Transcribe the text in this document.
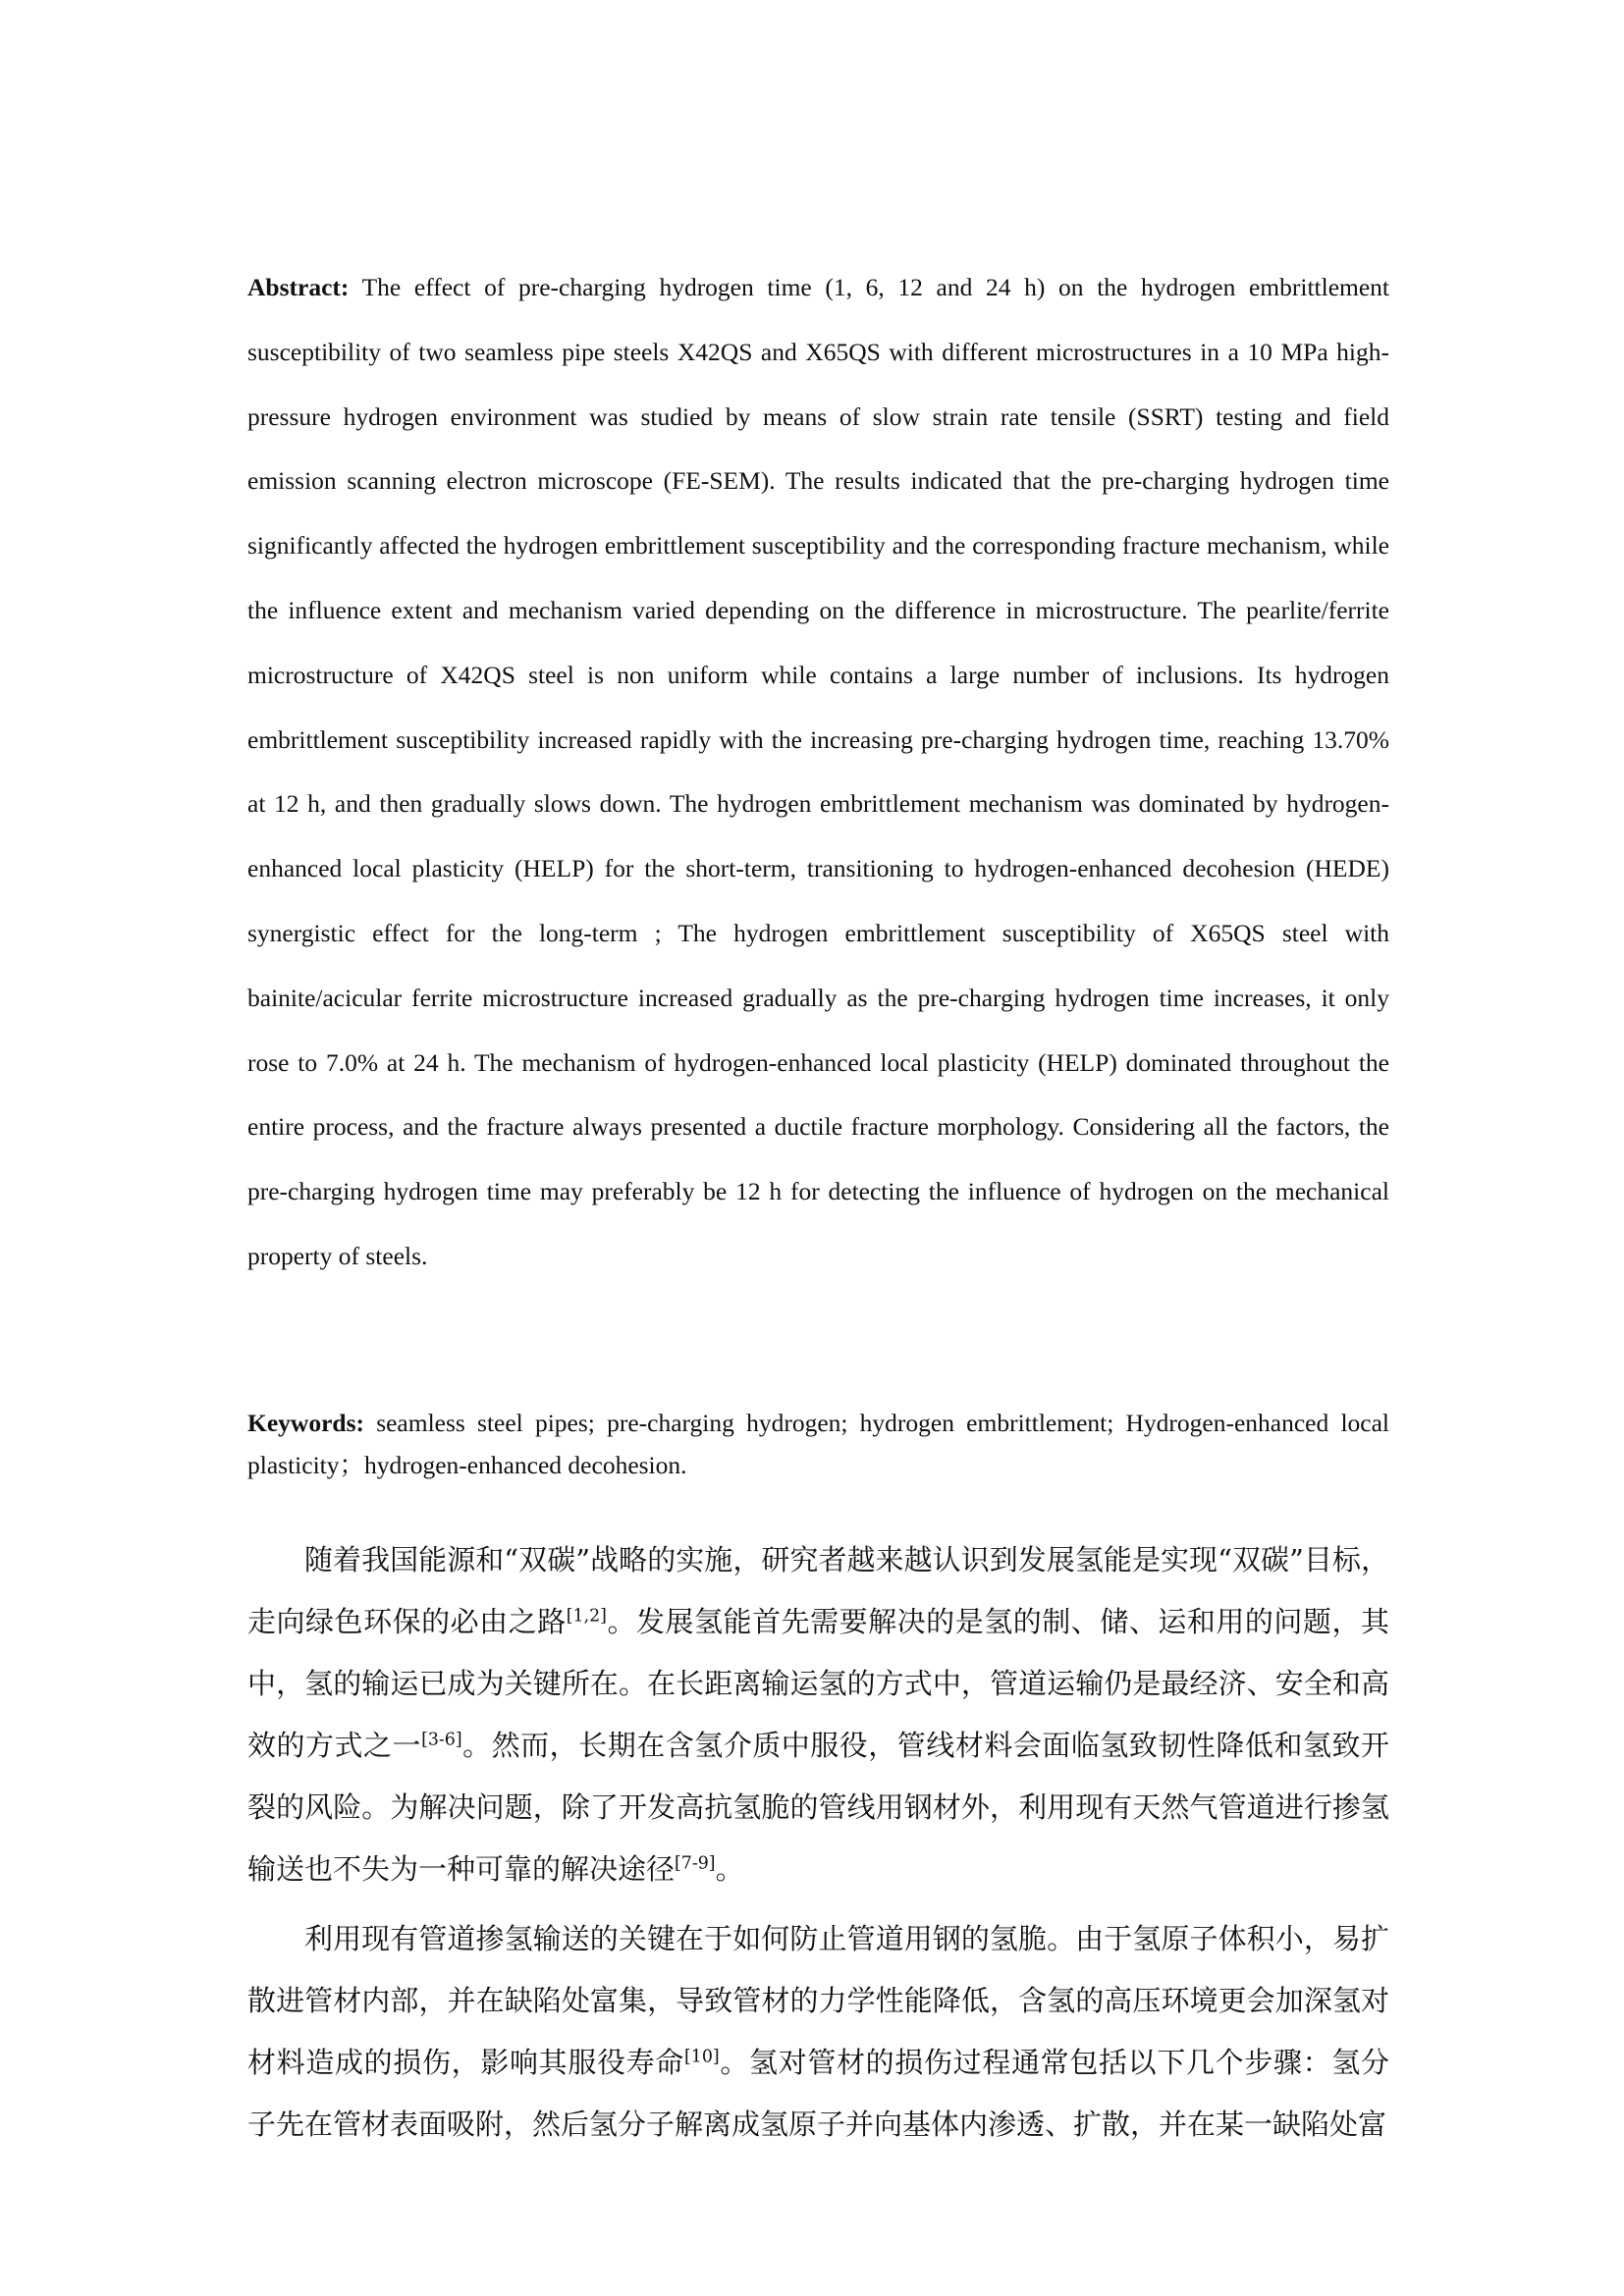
Abstract: The effect of pre-charging hydrogen time (1, 6, 12 and 24 h) on the hydrogen embrittlement susceptibility of two seamless pipe steels X42QS and X65QS with different microstructures in a 10 MPa high-pressure hydrogen environment was studied by means of slow strain rate tensile (SSRT) testing and field emission scanning electron microscope (FE-SEM). The results indicated that the pre-charging hydrogen time significantly affected the hydrogen embrittlement susceptibility and the corresponding fracture mechanism, while the influence extent and mechanism varied depending on the difference in microstructure. The pearlite/ferrite microstructure of X42QS steel is non uniform while contains a large number of inclusions. Its hydrogen embrittlement susceptibility increased rapidly with the increasing pre-charging hydrogen time, reaching 13.70% at 12 h, and then gradually slows down. The hydrogen embrittlement mechanism was dominated by hydrogen-enhanced local plasticity (HELP) for the short-term, transitioning to hydrogen-enhanced decohesion (HEDE) synergistic effect for the long-term ; The hydrogen embrittlement susceptibility of X65QS steel with bainite/acicular ferrite microstructure increased gradually as the pre-charging hydrogen time increases, it only rose to 7.0% at 24 h. The mechanism of hydrogen-enhanced local plasticity (HELP) dominated throughout the entire process, and the fracture always presented a ductile fracture morphology. Considering all the factors, the pre-charging hydrogen time may preferably be 12 h for detecting the influence of hydrogen on the mechanical property of steels.
Keywords: seamless steel pipes; pre-charging hydrogen; hydrogen embrittlement; Hydrogen-enhanced local plasticity；hydrogen-enhanced decohesion.

随着我国能源和“双碳”战略的实施，研究者越来越认识到发展氢能是实现“双碳”目标，走向绿色环保的必由之路[1,2]。发展氢能首先需要解决的是氢的制、储、运和用的问题，其中，氢的输运已成为关键所在。在长距离输运氢的方式中，管道运输仍是最经济、安全和高效的方式之一[3-6]。然而，长期在含氢介质中服役，管线材料会面临氢致韧性降低和氢致开裂的风险。为解决问题，除了开发高抗氢脆的管线用钢材外，利用现有天然气管道进行掺氢输送也不失为一种可靠的解决途径[7-9]。

利用现有管道掺氢输送的关键在于如何防止管道用钢的氢脆。由于氢原子体积小，易扩散进管材内部，并在缺陷处富集，导致管材的力学性能降低，含氢的高压环境更会加深氢对材料造成的损伤，影响其服役寿命[10]。氢对管材的损伤过程通常包括以下几个步骤：氢分子先在管材表面吸附，然后氢分子解离成氢原子并向基体内渗透、扩散，并在某一缺陷处富
